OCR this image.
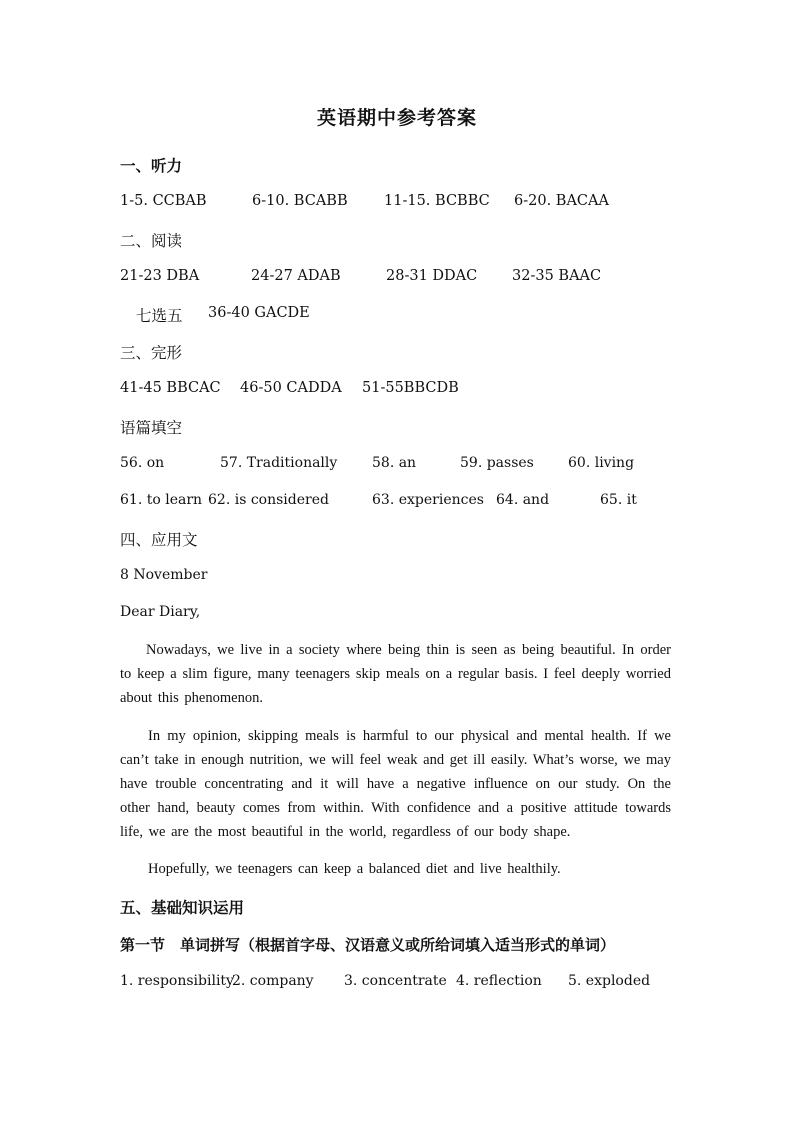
英语期中参考答案
一、听力
1-5. CCBAB	6-10. BCABB	11-15. BCBBC 6-20. BACAA
二、阅读
21-23 DBA	24-27 ADAB	28-31 DDAC 32-35 BAAC
七选五 36-40 GACDE
三、完形
41-45 BBCAC 46-50 CADDA 51-55BBCDB
语篇填空
56. on	57. Traditionally 58. an	59. passes 60. living
61. to learn 62. is considered	63. experiences 64. and	65. it
四、应用文
8 November
Dear Diary,
Nowadays, we live in a society where being thin is seen as being beautiful. In order to keep a slim figure, many teenagers skip meals on a regular basis. I feel deeply worried about this phenomenon.
In my opinion, skipping meals is harmful to our physical and mental health. If we can’t take in enough nutrition, we will feel weak and get ill easily. What’s worse, we may have trouble concentrating and it will have a negative influence on our study. On the other hand, beauty comes from within. With confidence and a positive attitude towards life, we are the most beautiful in the world, regardless of our body shape.
Hopefully, we teenagers can keep a balanced diet and live healthily.
五、基础知识运用
第一节　单词拼写（根据首字母、汉语意义或所给词填入适当形式的单词）
1. responsibility
2. company 3. concentrate 4. reflection 5. exploded
